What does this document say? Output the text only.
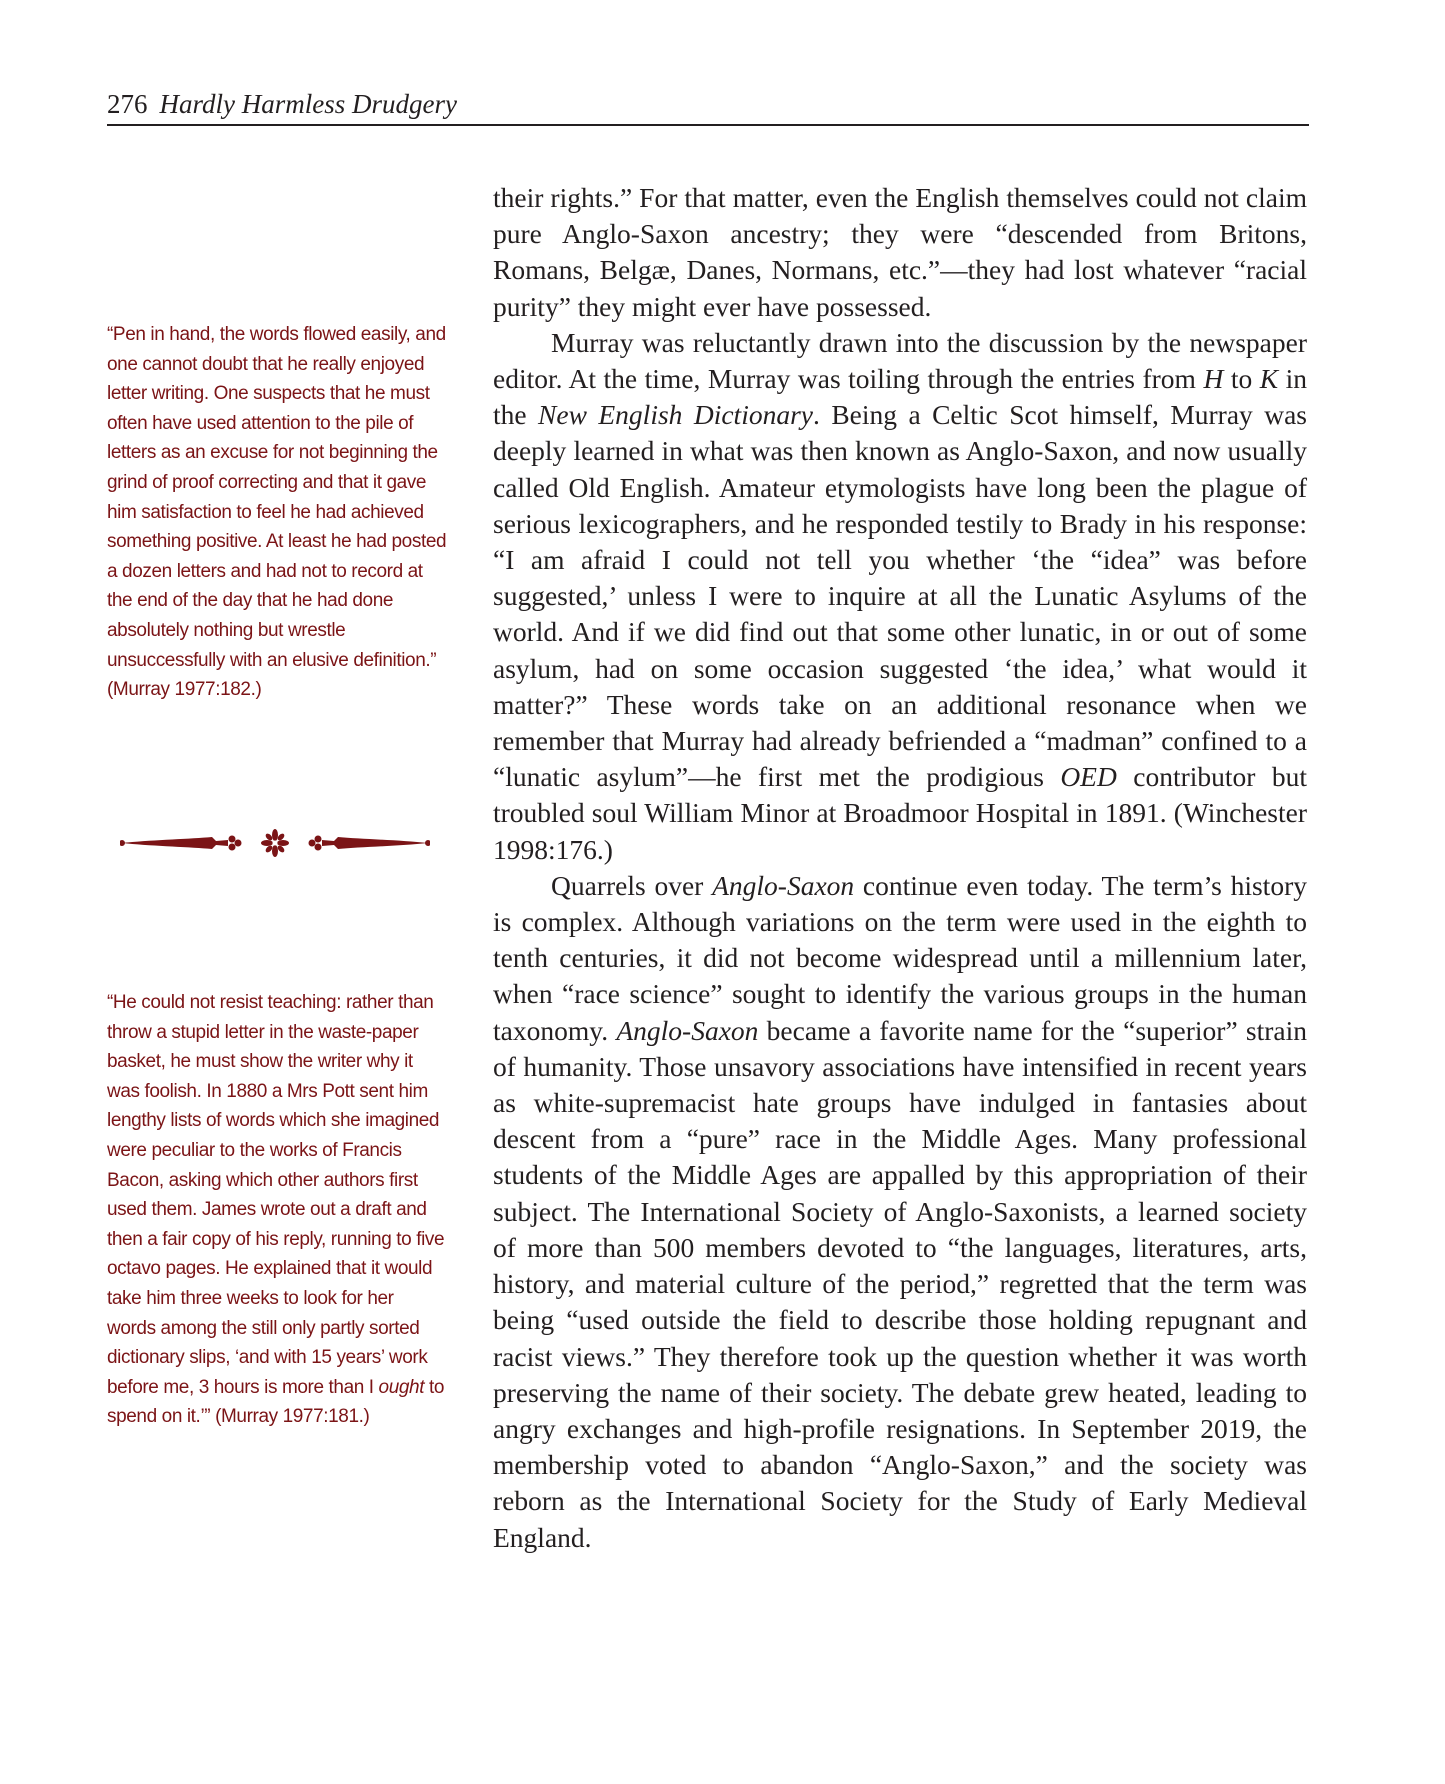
276 Hardly Harmless Drudgery

“Pen in hand, the words flowed easily, and one cannot doubt that he really enjoyed letter writing. One suspects that he must often have used attention to the pile of letters as an excuse for not beginning the grind of proof correcting and that it gave him satisfaction to feel he had achieved something positive. At least he had posted a dozen letters and had not to record at the end of the day that he had done absolutely nothing but wrestle unsuccessfully with an elusive definition.” (Murray 1977:182.)

“He could not resist teaching: rather than throw a stupid letter in the waste-paper basket, he must show the writer why it was foolish. In 1880 a Mrs Pott sent him lengthy lists of words which she imagined were peculiar to the works of Francis Bacon, asking which other authors first used them. James wrote out a draft and then a fair copy of his reply, running to five octavo pages. He explained that it would take him three weeks to look for her words among the still only partly sorted dictionary slips, ‘and with 15 years’ work before me, 3 hours is more than I ought to spend on it.’” (Murray 1977:181.)

their rights.” For that matter, even the English themselves could not claim pure Anglo-Saxon ancestry; they were “descended from Britons, Romans, Belgæ, Danes, Normans, etc.”—they had lost whatever “racial purity” they might ever have possessed.

Murray was reluctantly drawn into the discussion by the newspaper editor. At the time, Murray was toiling through the entries from H to K in the New English Dictionary. Being a Celtic Scot himself, Murray was deeply learned in what was then known as Anglo-Saxon, and now usually called Old English. Amateur etymologists have long been the plague of serious lexicographers, and he responded testily to Brady in his response: “I am afraid I could not tell you whether ‘the “idea” was before suggested,’ unless I were to inquire at all the Lunatic Asylums of the world. And if we did find out that some other lunatic, in or out of some asylum, had on some occasion suggested ‘the idea,’ what would it matter?” These words take on an additional resonance when we remember that Murray had already befriended a “madman” confined to a “lunatic asylum”—he first met the prodigious OED contributor but troubled soul William Minor at Broadmoor Hospital in 1891. (Winchester 1998:176.)

Quarrels over Anglo-Saxon continue even today. The term’s history is complex. Although variations on the term were used in the eighth to tenth centuries, it did not become widespread until a millennium later, when “race science” sought to identify the various groups in the human taxonomy. Anglo-Saxon became a favorite name for the “superior” strain of humanity. Those unsavory associations have intensified in recent years as white-supremacist hate groups have indulged in fantasies about descent from a “pure” race in the Middle Ages. Many professional students of the Middle Ages are appalled by this appropriation of their subject. The International Society of Anglo-Saxonists, a learned society of more than 500 members devoted to “the languages, literatures, arts, history, and material culture of the period,” regretted that the term was being “used outside the field to describe those holding repugnant and racist views.” They therefore took up the question whether it was worth preserving the name of their society. The debate grew heated, leading to angry exchanges and high-profile resignations. In September 2019, the membership voted to abandon “Anglo-Saxon,” and the society was reborn as the International Society for the Study of Early Medieval England.
